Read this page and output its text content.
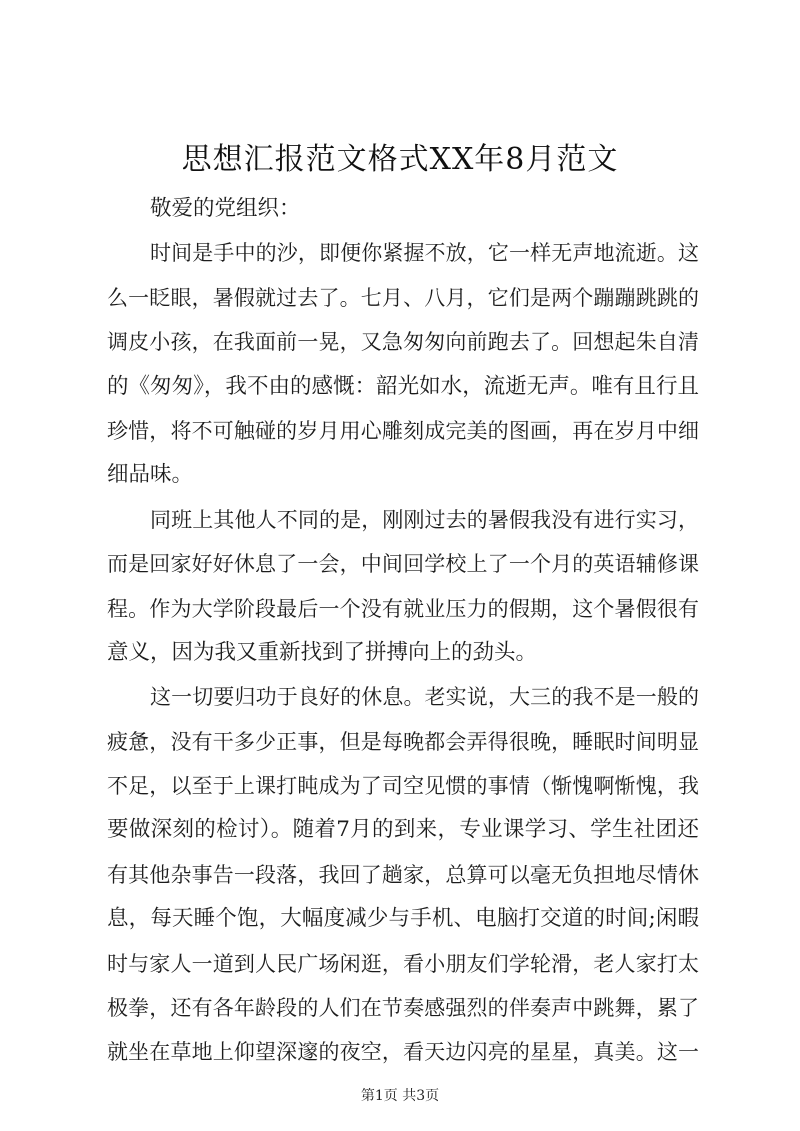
思想汇报范文格式XX年8月范文
敬爱的党组织：
时间是手中的沙，即便你紧握不放，它一样无声地流逝。这
么一眨眼，暑假就过去了。七月、八月，它们是两个蹦蹦跳跳的
调皮小孩，在我面前一晃，又急匆匆向前跑去了。回想起朱自清
的《匆匆》，我不由的感慨：韶光如水，流逝无声。唯有且行且
珍惜，将不可触碰的岁月用心雕刻成完美的图画，再在岁月中细
细品味。
同班上其他人不同的是，刚刚过去的暑假我没有进行实习，
而是回家好好休息了一会，中间回学校上了一个月的英语辅修课
程。作为大学阶段最后一个没有就业压力的假期，这个暑假很有
意义，因为我又重新找到了拼搏向上的劲头。
这一切要归功于良好的休息。老实说，大三的我不是一般的
疲惫，没有干多少正事，但是每晚都会弄得很晚，睡眠时间明显
不足，以至于上课打盹成为了司空见惯的事情（惭愧啊惭愧，我
要做深刻的检讨）。随着7月的到来，专业课学习、学生社团还
有其他杂事告一段落，我回了趟家，总算可以毫无负担地尽情休
息，每天睡个饱，大幅度减少与手机、电脑打交道的时间;闲暇
时与家人一道到人民广场闲逛，看小朋友们学轮滑，老人家打太
极拳，还有各年龄段的人们在节奏感强烈的伴奏声中跳舞，累了
就坐在草地上仰望深邃的夜空，看天边闪亮的星星，真美。这一
第1页 共3页
